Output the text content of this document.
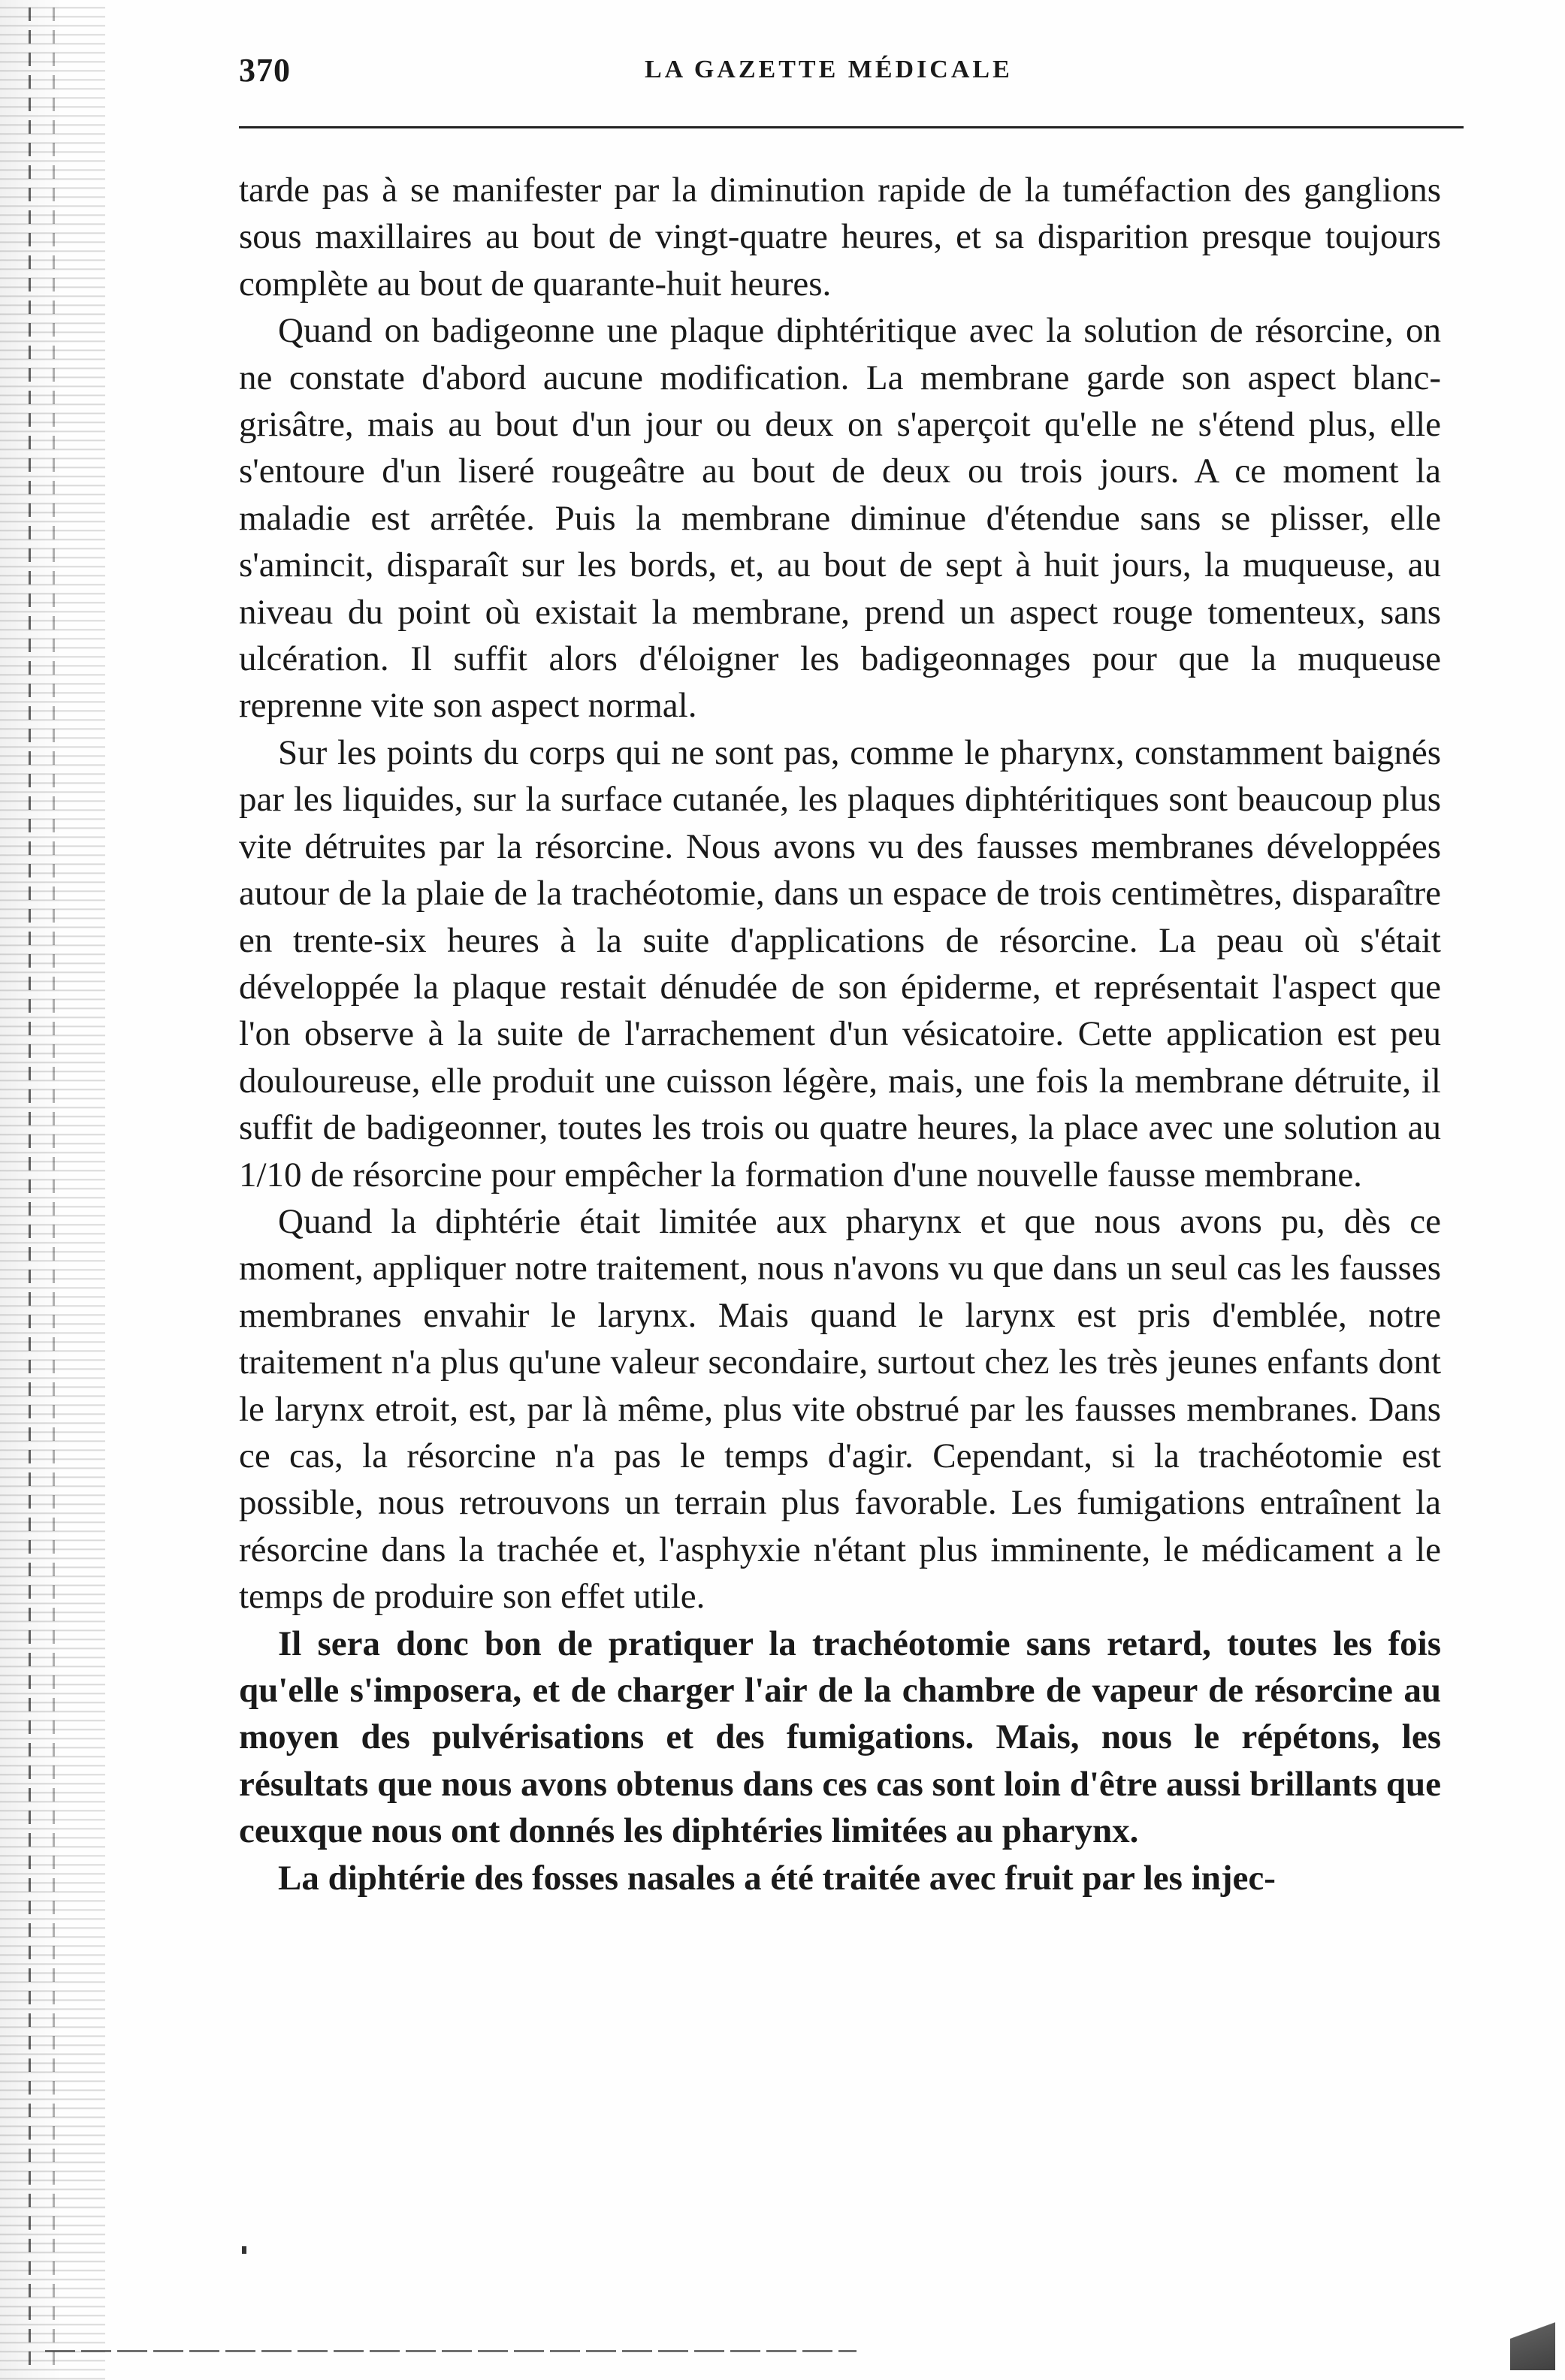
370	LA GAZETTE MÉDICALE

tarde pas à se manifester par la diminution rapide de la tuméfaction des ganglions sous maxillaires au bout de vingt-quatre heures, et sa disparition presque toujours complète au bout de quarante-huit heures.

Quand on badigeonne une plaque diphtéritique avec la solution de résorcine, on ne constate d'abord aucune modification. La membrane garde son aspect blanc-grisâtre, mais au bout d'un jour ou deux on s'aperçoit qu'elle ne s'étend plus, elle s'entoure d'un liseré rougeâtre au bout de deux ou trois jours. A ce moment la maladie est arrêtée. Puis la membrane diminue d'étendue sans se plisser, elle s'amincit, disparaît sur les bords, et, au bout de sept à huit jours, la muqueuse, au niveau du point où existait la membrane, prend un aspect rouge tomenteux, sans ulcération. Il suffit alors d'éloigner les badigeonnages pour que la muqueuse reprenne vite son aspect normal.

Sur les points du corps qui ne sont pas, comme le pharynx, constamment baignés par les liquides, sur la surface cutanée, les plaques diphtéritiques sont beaucoup plus vite détruites par la résorcine. Nous avons vu des fausses membranes développées autour de la plaie de la trachéotomie, dans un espace de trois centimètres, disparaître en trente-six heures à la suite d'applications de résorcine. La peau où s'était développée la plaque restait dénudée de son épiderme, et représentait l'aspect que l'on observe à la suite de l'arrachement d'un vésicatoire. Cette application est peu douloureuse, elle produit une cuisson légère, mais, une fois la membrane détruite, il suffit de badigeonner, toutes les trois ou quatre heures, la place avec une solution au 1/10 de résorcine pour empêcher la formation d'une nouvelle fausse membrane.

Quand la diphtérie était limitée aux pharynx et que nous avons pu, dès ce moment, appliquer notre traitement, nous n'avons vu que dans un seul cas les fausses membranes envahir le larynx. Mais quand le larynx est pris d'emblée, notre traitement n'a plus qu'une valeur secondaire, surtout chez les très jeunes enfants dont le larynx etroit, est, par là même, plus vite obstrué par les fausses membranes. Dans ce cas, la résorcine n'a pas le temps d'agir. Cependant, si la trachéotomie est possible, nous retrouvons un terrain plus favorable. Les fumigations entraînent la résorcine dans la trachée et, l'asphyxie n'étant plus imminente, le médicament a le temps de produire son effet utile.

Il sera donc bon de pratiquer la trachéotomie sans retard, toutes les fois qu'elle s'imposera, et de charger l'air de la chambre de vapeur de résorcine au moyen des pulvérisations et des fumigations. Mais, nous le répétons, les résultats que nous avons obtenus dans ces cas sont loin d'être aussi brillants que ceuxque nous ont donnés les diphtéries limitées au pharynx.

La diphtérie des fosses nasales a été traitée avec fruit par les injec-
